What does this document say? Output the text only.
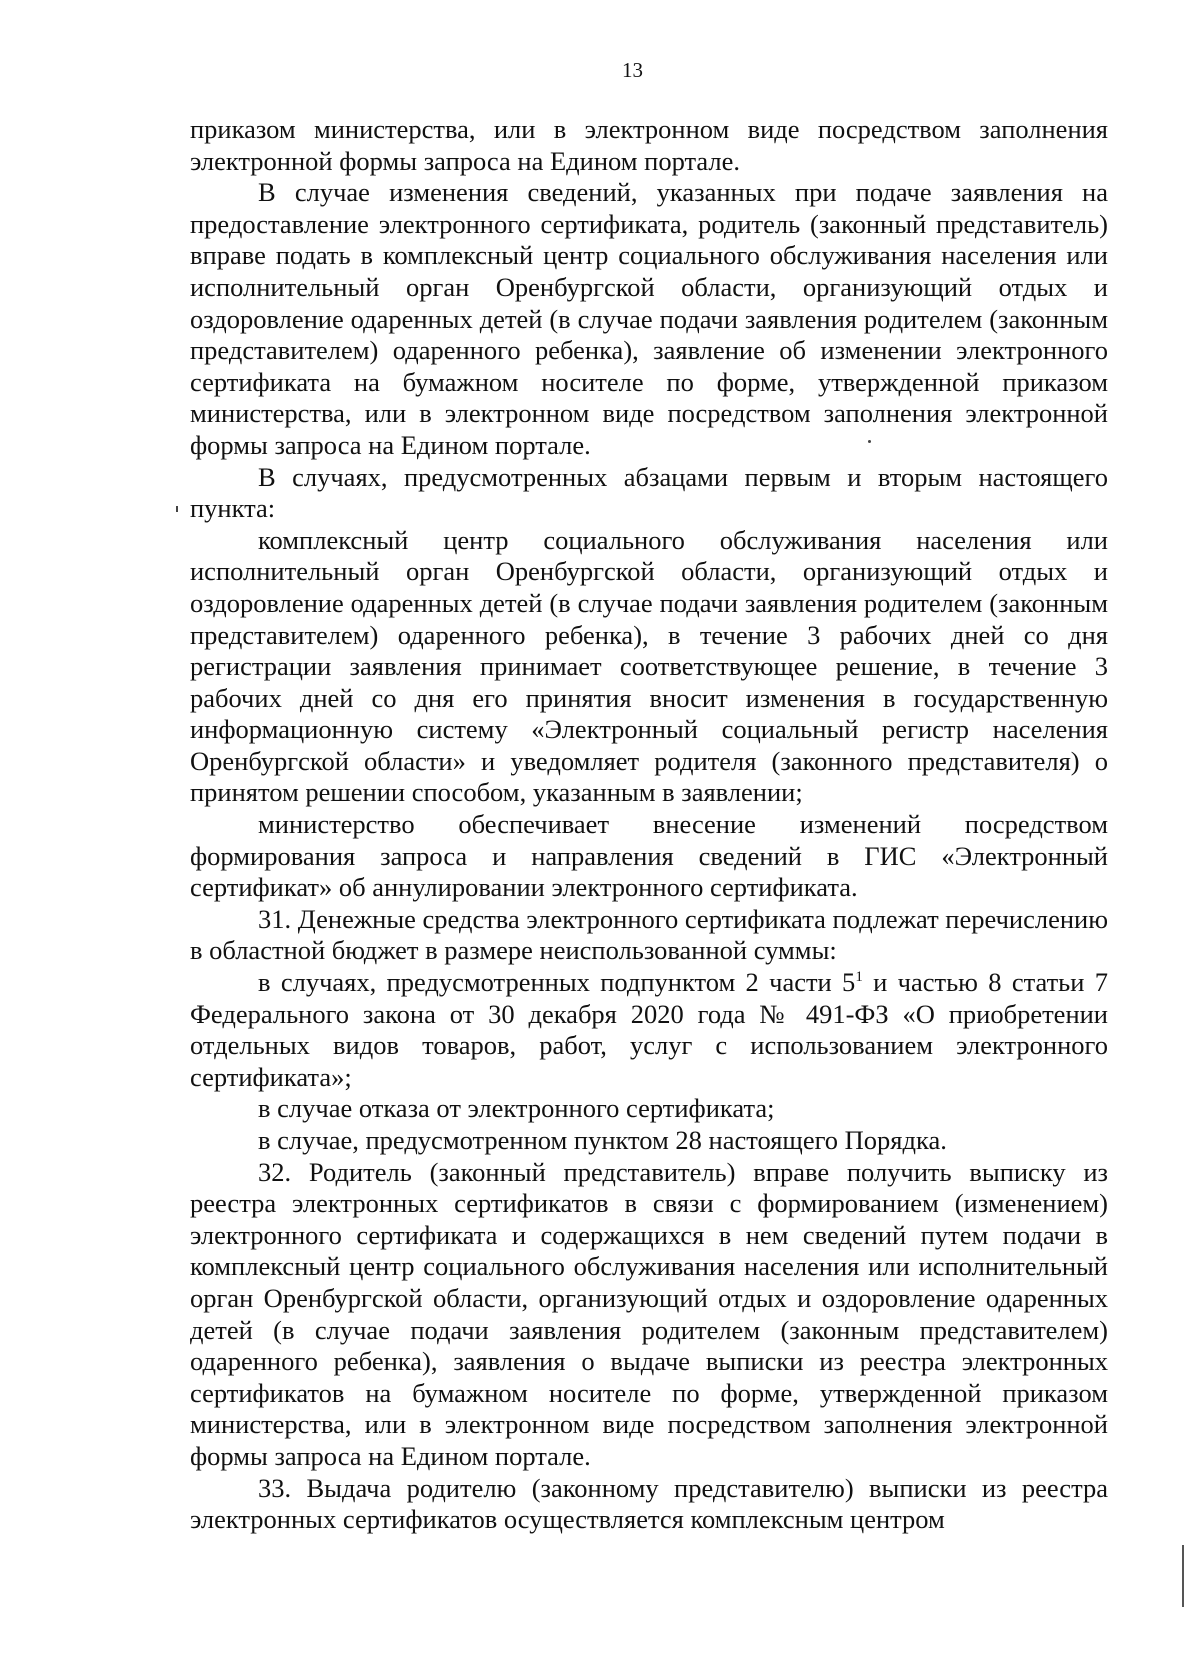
13

приказом министерства, или в электронном виде посредством заполнения электронной формы запроса на Едином портале.

В случае изменения сведений, указанных при подаче заявления на предоставление электронного сертификата, родитель (законный представитель) вправе подать в комплексный центр социального обслуживания населения или исполнительный орган Оренбургской области, организующий отдых и оздоровление одаренных детей (в случае подачи заявления родителем (законным представителем) одаренного ребенка), заявление об изменении электронного сертификата на бумажном носителе по форме, утвержденной приказом министерства, или в электронном виде посредством заполнения электронной формы запроса на Едином портале.

В случаях, предусмотренных абзацами первым и вторым настоящего пункта:

комплексный центр социального обслуживания населения или исполнительный орган Оренбургской области, организующий отдых и оздоровление одаренных детей (в случае подачи заявления родителем (законным представителем) одаренного ребенка), в течение 3 рабочих дней со дня регистрации заявления принимает соответствующее решение, в течение 3 рабочих дней со дня его принятия вносит изменения в государственную информационную систему «Электронный социальный регистр населения Оренбургской области» и уведомляет родителя (законного представителя) о принятом решении способом, указанным в заявлении;

министерство обеспечивает внесение изменений посредством формирования запроса и направления сведений в ГИС «Электронный сертификат» об аннулировании электронного сертификата.

31. Денежные средства электронного сертификата подлежат перечислению в областной бюджет в размере неиспользованной суммы:

в случаях, предусмотренных подпунктом 2 части $5^1$ и частью 8 статьи 7 Федерального закона от 30 декабря 2020 года № 491-ФЗ «О приобретении отдельных видов товаров, работ, услуг с использованием электронного сертификата»;

в случае отказа от электронного сертификата;

в случае, предусмотренном пунктом 28 настоящего Порядка.

32. Родитель (законный представитель) вправе получить выписку из реестра электронных сертификатов в связи с формированием (изменением) электронного сертификата и содержащихся в нем сведений путем подачи в комплексный центр социального обслуживания населения или исполнительный орган Оренбургской области, организующий отдых и оздоровление одаренных детей (в случае подачи заявления родителем (законным представителем) одаренного ребенка), заявления о выдаче выписки из реестра электронных сертификатов на бумажном носителе по форме, утвержденной приказом министерства, или в электронном виде посредством заполнения электронной формы запроса на Едином портале.

33. Выдача родителю (законному представителю) выписки из реестра электронных сертификатов осуществляется комплексным центром
